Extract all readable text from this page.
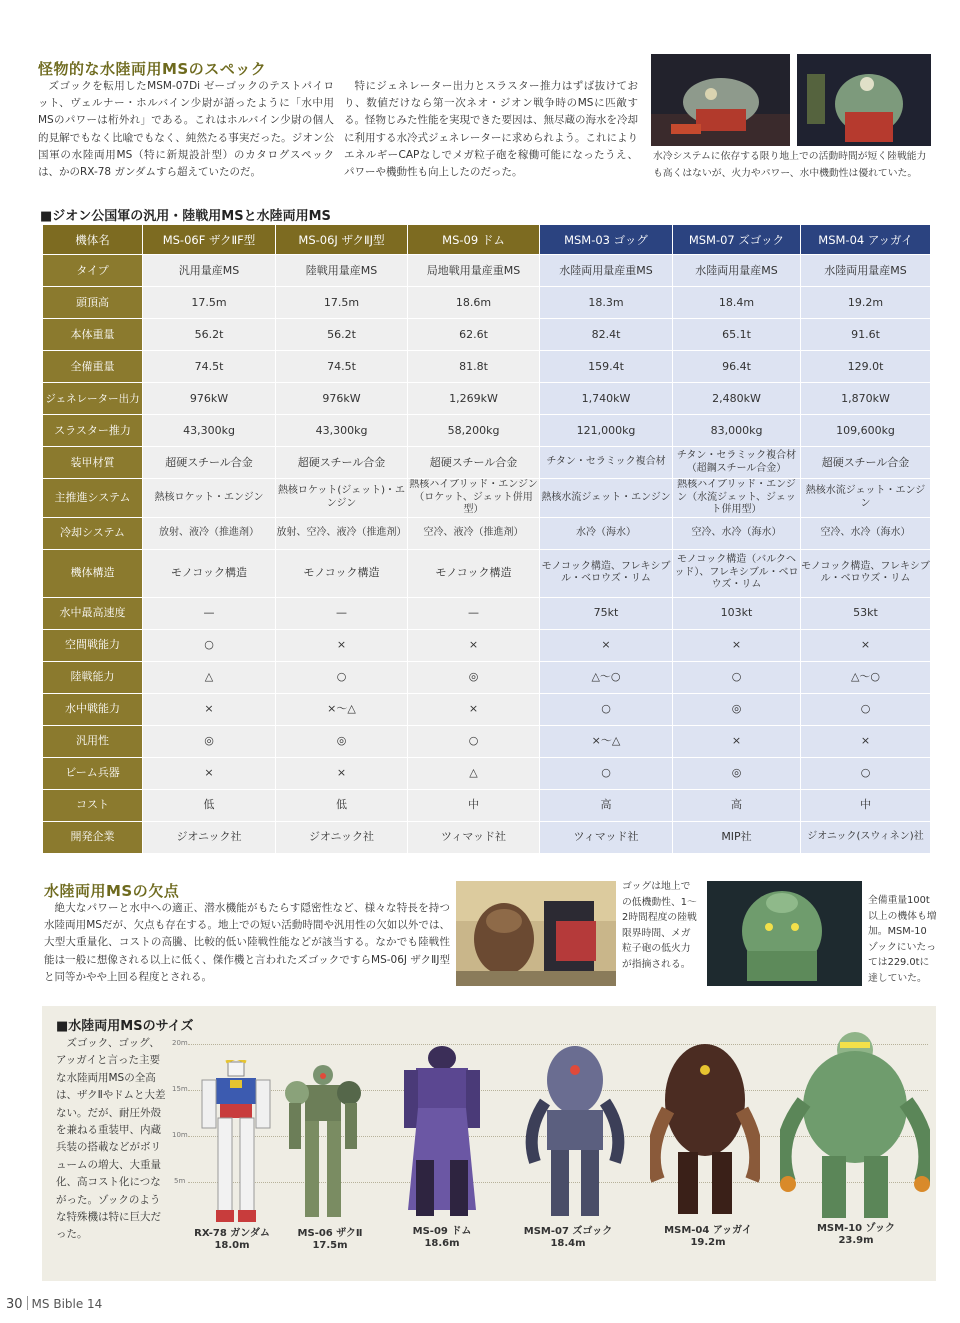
怪物的な水陸両用MSのスペック
ズゴックを転用したMSM-07Di ゼーゴックのテストパイロット、ヴェルナー・ホルバイン少尉が語ったように「水中用MSのパワーは桁外れ」である。これはホルバイン少尉の個人的見解でもなく比喩でもなく、純然たる事実だった。ジオン公国軍の水陸両用MS（特に新規設計型）のカタログスペックは、かのRX-78 ガンダムすら超えていたのだ。
特にジェネレーター出力とスラスター推力はずば抜けており、数値だけなら第一次ネオ・ジオン戦争時のMSに匹敵する。怪物じみた性能を実現できた要因は、無尽蔵の海水を冷却に利用する水冷式ジェネレーターに求められよう。これによりエネルギーCAPなしでメガ粒子砲を稼働可能になったうえ、パワーや機動性も向上したのだった。
水冷システムに依存する限り地上での活動時間が短く陸戦能力も高くはないが、火力やパワー、水中機動性は優れていた。
■ジオン公国軍の汎用・陸戦用MSと水陸両用MS
機体名	MS-06F ザクⅡF型	MS-06J ザクⅡJ型	MS-09 ドム	MSM-03 ゴッグ	MSM-07 ズゴック	MSM-04 アッガイ
タイプ	汎用量産MS	陸戦用量産MS	局地戦用量産重MS	水陸両用量産重MS	水陸両用量産MS	水陸両用量産MS
頭頂高	17.5m	17.5m	18.6m	18.3m	18.4m	19.2m
本体重量	56.2t	56.2t	62.6t	82.4t	65.1t	91.6t
全備重量	74.5t	74.5t	81.8t	159.4t	96.4t	129.0t
ジェネレーター出力	976kW	976kW	1,269kW	1,740kW	2,480kW	1,870kW
スラスター推力	43,300kg	43,300kg	58,200kg	121,000kg	83,000kg	109,600kg
装甲材質	超硬スチール合金	超硬スチール合金	超硬スチール合金	チタン・セラミック複合材	チタン・セラミック複合材（超鋼スチール合金）	超硬スチール合金
主推進システム	熱核ロケット・エンジン	熱核ロケット(ジェット)・エンジン	熱核ハイブリッド・エンジン（ロケット、ジェット併用型）	熱核水流ジェット・エンジン	熱核ハイブリッド・エンジン（水流ジェット、ジェット併用型）	熱核水流ジェット・エンジン
冷却システム	放射、液冷（推進剤）	放射、空冷、液冷（推進剤）	空冷、液冷（推進剤）	水冷（海水）	空冷、水冷（海水）	空冷、水冷（海水）
機体構造	モノコック構造	モノコック構造	モノコック構造	モノコック構造、フレキシブル・ベロウズ・リム	モノコック構造（バルクヘッド）、フレキシブル・ベロウズ・リム	モノコック構造、フレキシブル・ベロウズ・リム
水中最高速度	—	—	—	75kt	103kt	53kt
空間戦能力	○	×	×	×	×	×
陸戦能力	△	○	◎	△〜○	○	△〜○
水中戦能力	×	×〜△	×	○	◎	○
汎用性	◎	◎	○	×〜△	×	×
ビーム兵器	×	×	△	○	◎	○
コスト	低	低	中	高	高	中
開発企業	ジオニック社	ジオニック社	ツィマッド社	ツィマッド社	MIP社	ジオニック(スウィネン)社
水陸両用MSの欠点
絶大なパワーと水中への適正、潜水機能がもたらす隠密性など、様々な特長を持つ水陸両用MSだが、欠点も存在する。地上での短い活動時間や汎用性の欠如以外では、大型大重量化、コストの高騰、比較的低い陸戦性能などが該当する。なかでも陸戦性能は一般に想像される以上に低く、傑作機と言われたズゴックですらMS-06J ザクⅡJ型と同等かやや上回る程度とされる。
ゴッグは地上での低機動性、1〜2時間程度の陸戦限界時間、メガ粒子砲の低火力が指摘される。
全備重量100t以上の機体も増加。MSM-10 ゾックにいたっては229.0tに達していた。
■水陸両用MSのサイズ
ズゴック、ゴッグ、アッガイと言った主要な水陸両用MSの全高は、ザクⅡやドムと大差ない。だが、耐圧外殻を兼ねる重装甲、内蔵兵装の搭載などがボリュームの増大、大重量化、高コスト化につながった。ゾックのような特殊機は特に巨大だった。
20m
15m
10m
5m
RX-78 ガンダム
18.0m
MS-06 ザクⅡ
17.5m
MS-09 ドム
18.6m
MSM-07 ズゴック
18.4m
MSM-04 アッガイ
19.2m
MSM-10 ゾック
23.9m
30 MS Bible 14
